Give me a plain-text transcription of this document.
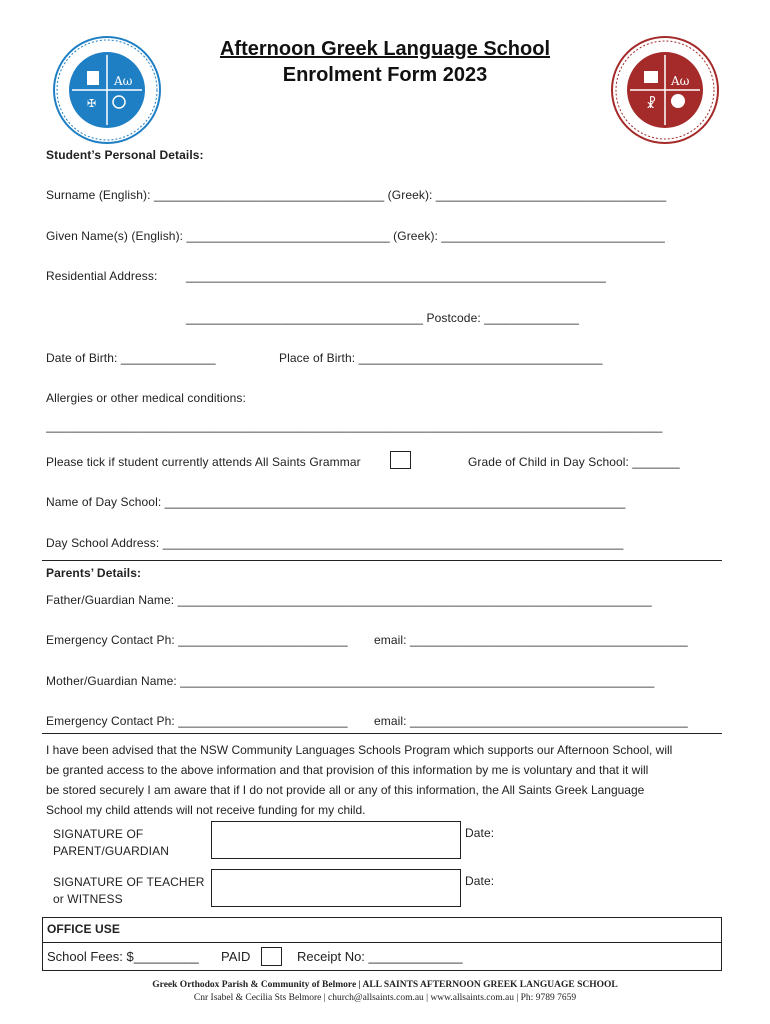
Aω
✠
Aω
☧
Afternoon Greek Language School
Enrolment Form 2023
Student’s Personal Details:
Surname (English): __________________________________ (Greek): __________________________________
Given Name(s) (English): ______________________________ (Greek): _________________________________
Residential Address: ______________________________________________________________
___________________________________ Postcode: ______________
Date of Birth: ______________	Place of Birth: ____________________________________
Allergies or other medical conditions:
___________________________________________________________________________________________
Please tick if student currently attends All Saints Grammar	Grade of Child in Day School: _______
Name of Day School: ____________________________________________________________________
Day School Address: ____________________________________________________________________
Parents’ Details:
Father/Guardian Name: ______________________________________________________________________
Emergency Contact Ph: _________________________ email: _________________________________________
Mother/Guardian Name: ______________________________________________________________________
Emergency Contact Ph: _________________________ email: _________________________________________
I have been advised that the NSW Community Languages Schools Program which supports our Afternoon School, will
be granted access to the above information and that provision of this information by me is voluntary and that it will
be stored securely I am aware that if I do not provide all or any of this information, the All Saints Greek Language
School my child attends will not receive funding for my child.
SIGNATURE OF
PARENT/GUARDIAN
Date:
SIGNATURE OF TEACHER
or WITNESS
Date:
OFFICE USE
School Fees: $_________ PAID	Receipt No: _____________
Greek Orthodox Parish & Community of Belmore | ALL SAINTS AFTERNOON GREEK LANGUAGE SCHOOL
Cnr Isabel & Cecilia Sts Belmore | church@allsaints.com.au | www.allsaints.com.au | Ph: 9789 7659
